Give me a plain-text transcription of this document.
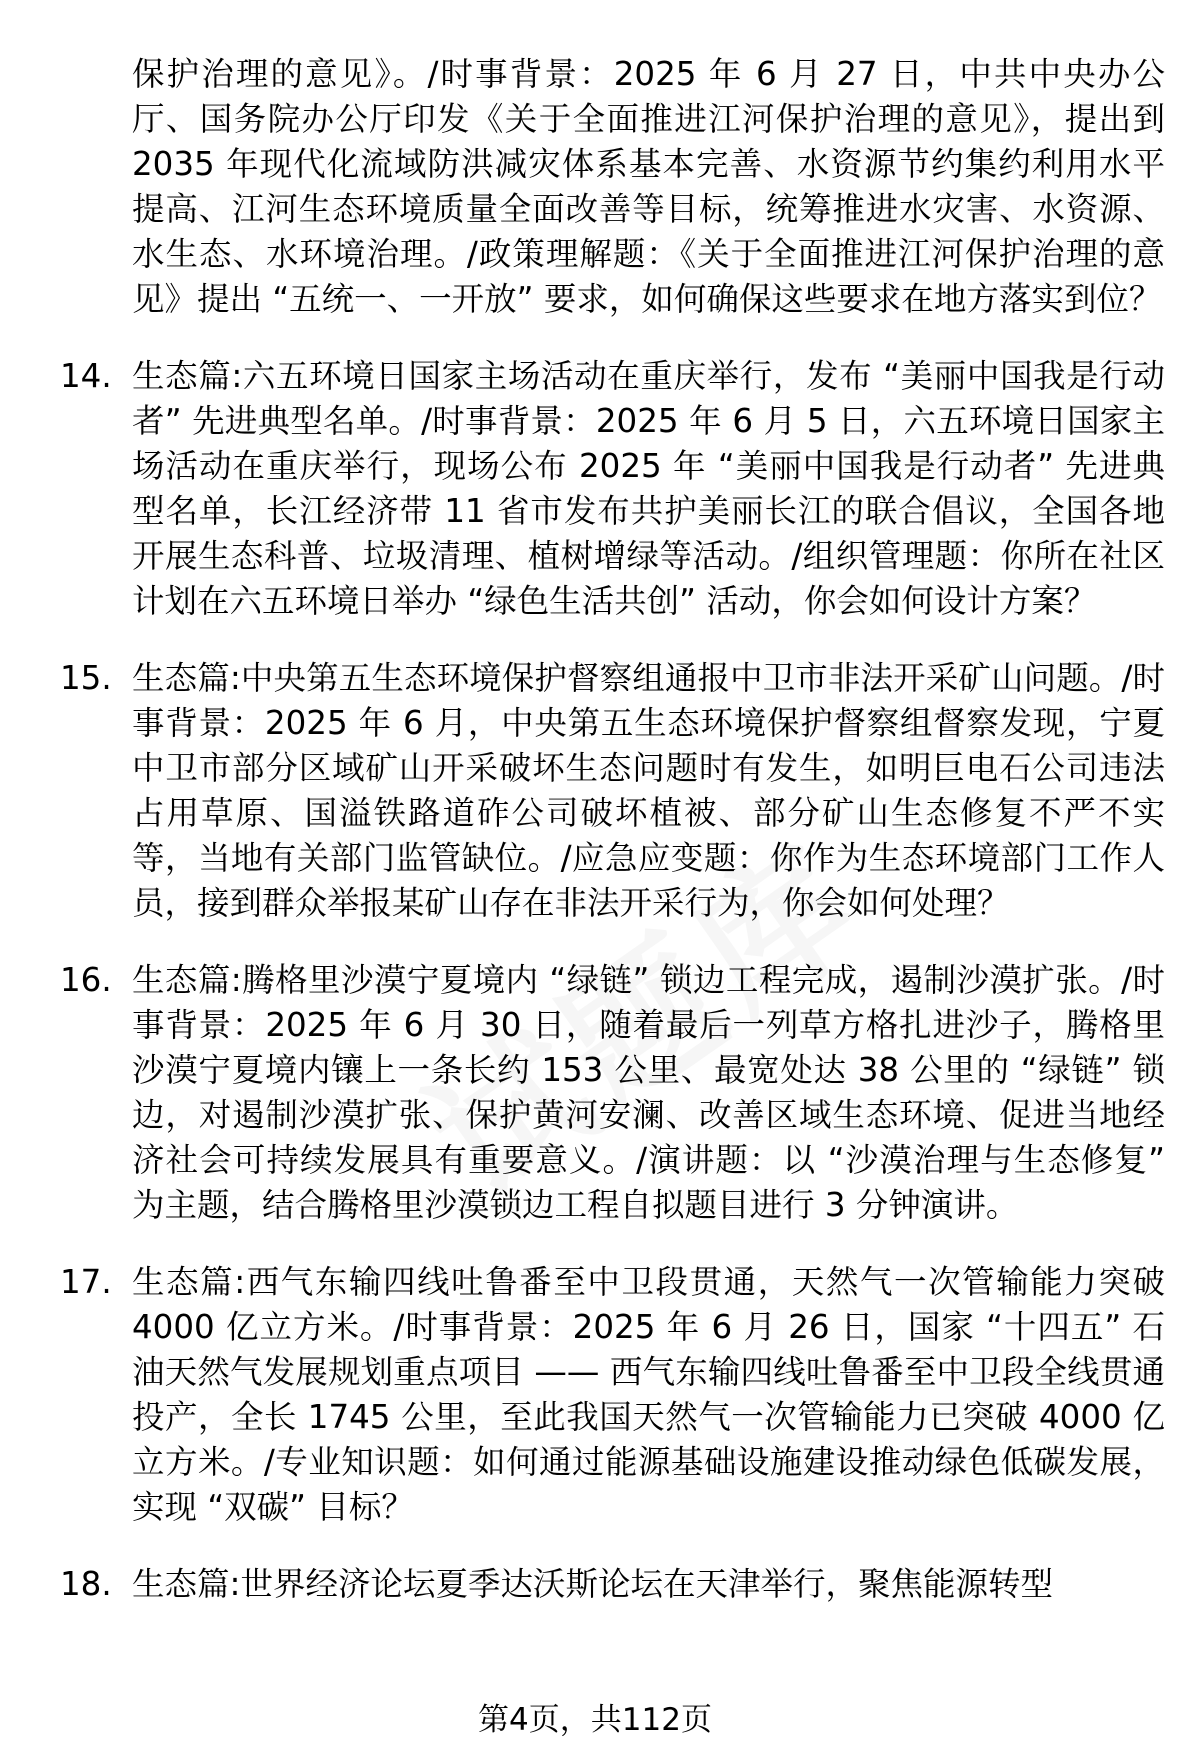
保护治理的意见》。/时事背景：2025 年 6 月 27 日，中共中央办公厅、国务院办公厅印发《关于全面推进江河保护治理的意见》，提出到 2035 年现代化流域防洪减灾体系基本完善、水资源节约集约利用水平提高、江河生态环境质量全面改善等目标，统筹推进水灾害、水资源、水生态、水环境治理。/政策理解题：《关于全面推进江河保护治理的意见》提出 “五统一、一开放” 要求，如何确保这些要求在地方落实到位？
14. 生态篇:六五环境日国家主场活动在重庆举行，发布 “美丽中国我是行动者” 先进典型名单。/时事背景：2025 年 6 月 5 日，六五环境日国家主场活动在重庆举行，现场公布 2025 年 “美丽中国我是行动者” 先进典型名单，长江经济带 11 省市发布共护美丽长江的联合倡议，全国各地开展生态科普、垃圾清理、植树增绿等活动。/组织管理题：你所在社区计划在六五环境日举办 “绿色生活共创” 活动，你会如何设计方案？
15. 生态篇:中央第五生态环境保护督察组通报中卫市非法开采矿山问题。/时事背景：2025 年 6 月，中央第五生态环境保护督察组督察发现，宁夏中卫市部分区域矿山开采破坏生态问题时有发生，如明巨电石公司违法占用草原、国溢铁路道砟公司破坏植被、部分矿山生态修复不严不实等，当地有关部门监管缺位。/应急应变题：你作为生态环境部门工作人员，接到群众举报某矿山存在非法开采行为，你会如何处理？
16. 生态篇:腾格里沙漠宁夏境内 “绿链” 锁边工程完成，遏制沙漠扩张。/时事背景：2025 年 6 月 30 日，随着最后一列草方格扎进沙子，腾格里沙漠宁夏境内镶上一条长约 153 公里、最宽处达 38 公里的 “绿链” 锁边，对遏制沙漠扩张、保护黄河安澜、改善区域生态环境、促进当地经济社会可持续发展具有重要意义。/演讲题：以 “沙漠治理与生态修复” 为主题，结合腾格里沙漠锁边工程自拟题目进行 3 分钟演讲。
17. 生态篇:西气东输四线吐鲁番至中卫段贯通，天然气一次管输能力突破 4000 亿立方米。/时事背景：2025 年 6 月 26 日，国家 “十四五” 石油天然气发展规划重点项目 —— 西气东输四线吐鲁番至中卫段全线贯通投产，全长 1745 公里，至此我国天然气一次管输能力已突破 4000 亿立方米。/专业知识题：如何通过能源基础设施建设推动绿色低碳发展，实现 “双碳” 目标？
18. 生态篇:世界经济论坛夏季达沃斯论坛在天津举行，聚焦能源转型
第4页，共112页
